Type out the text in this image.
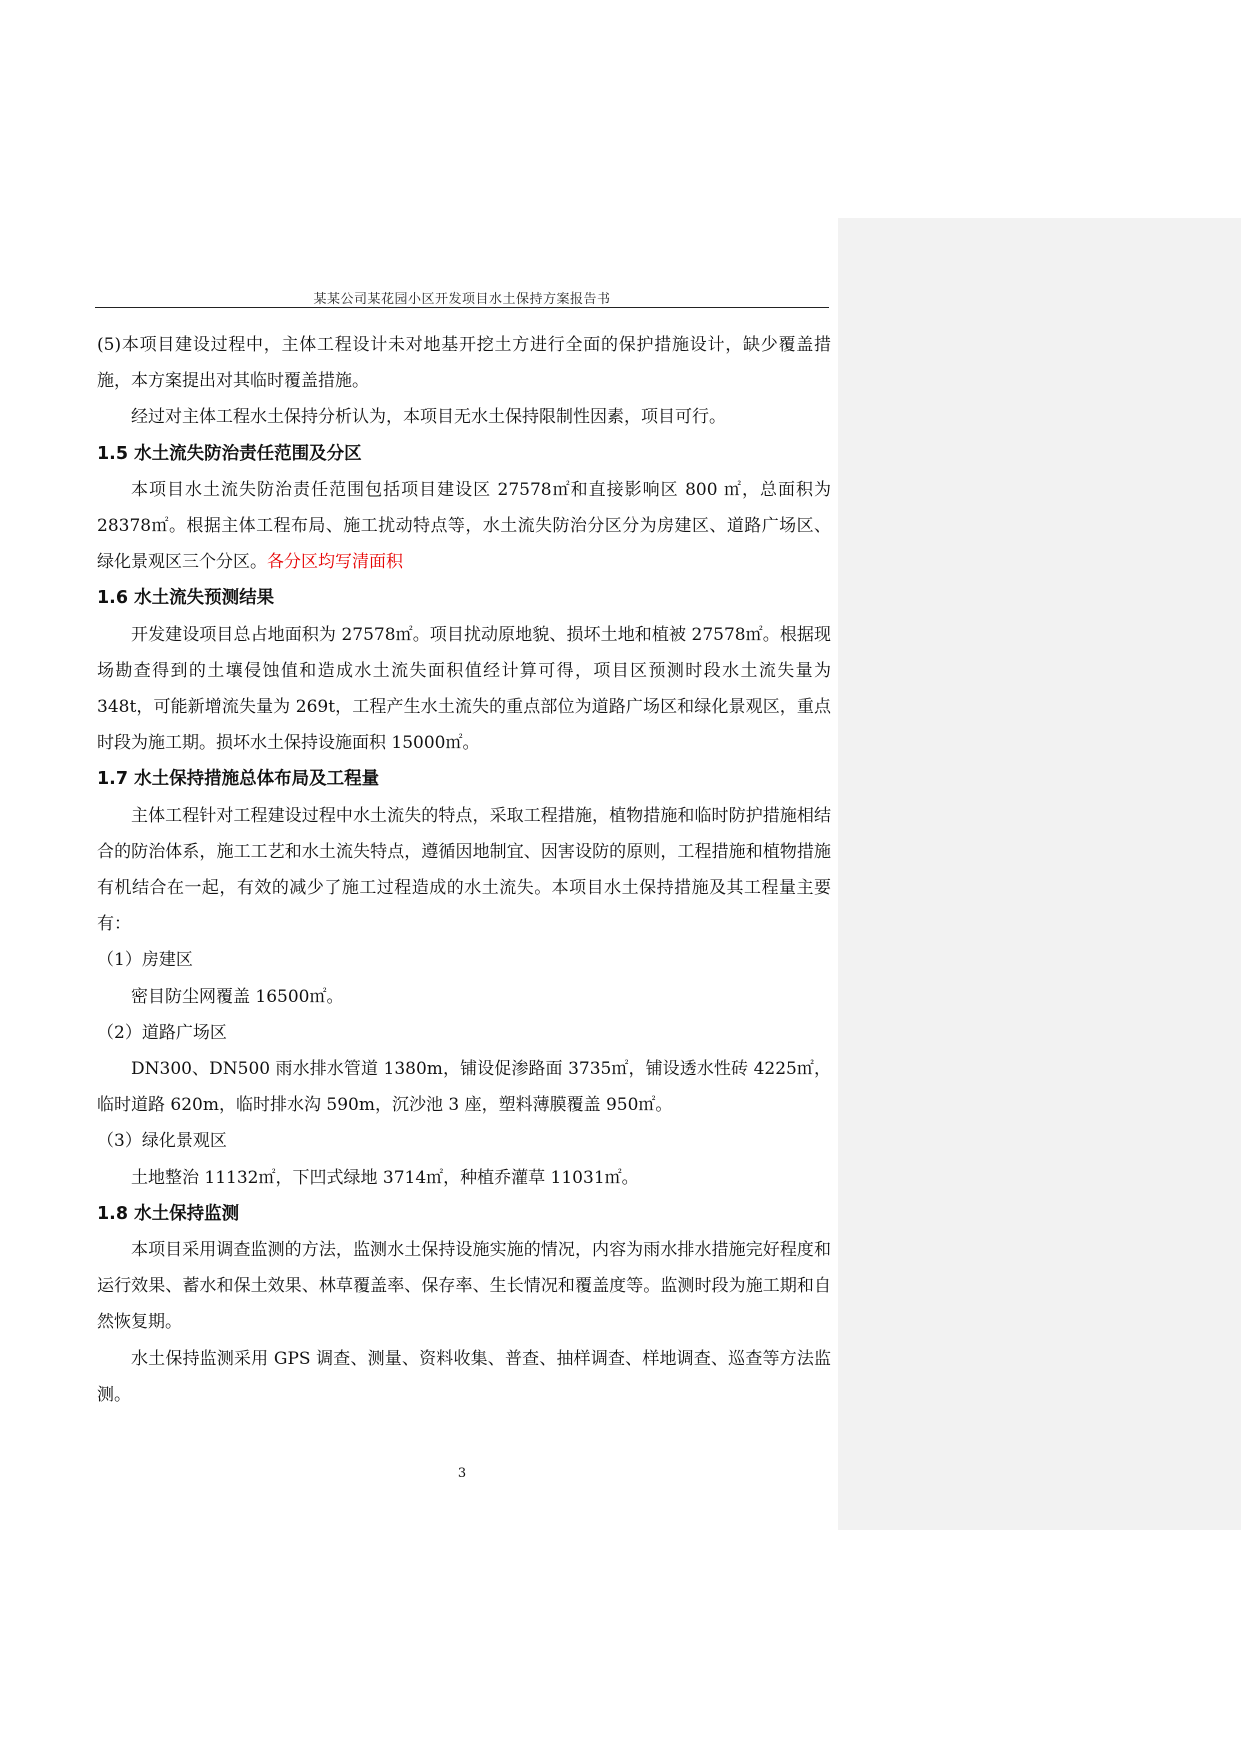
某某公司某花园小区开发项目水土保持方案报告书

(5)本项目建设过程中，主体工程设计未对地基开挖土方进行全面的保护措施设计，缺少覆盖措施，本方案提出对其临时覆盖措施。

经过对主体工程水土保持分析认为，本项目无水土保持限制性因素，项目可行。

1.5 水土流失防治责任范围及分区

本项目水土流失防治责任范围包括项目建设区 27578㎡和直接影响区 800 ㎡，总面积为 28378㎡。根据主体工程布局、施工扰动特点等，水土流失防治分区分为房建区、道路广场区、绿化景观区三个分区。各分区均写清面积

1.6 水土流失预测结果

开发建设项目总占地面积为 27578㎡。项目扰动原地貌、损坏土地和植被 27578㎡。根据现场勘查得到的土壤侵蚀值和造成水土流失面积值经计算可得，项目区预测时段水土流失量为 348t，可能新增流失量为 269t，工程产生水土流失的重点部位为道路广场区和绿化景观区，重点时段为施工期。损坏水土保持设施面积 15000㎡。

1.7 水土保持措施总体布局及工程量

主体工程针对工程建设过程中水土流失的特点，采取工程措施，植物措施和临时防护措施相结合的防治体系，施工工艺和水土流失特点，遵循因地制宜、因害设防的原则，工程措施和植物措施有机结合在一起，有效的减少了施工过程造成的水土流失。本项目水土保持措施及其工程量主要有：

（1）房建区

密目防尘网覆盖 16500㎡。

（2）道路广场区

DN300、DN500 雨水排水管道 1380m，铺设促渗路面 3735㎡，铺设透水性砖 4225㎡，临时道路 620m，临时排水沟 590m，沉沙池 3 座，塑料薄膜覆盖 950㎡。

（3）绿化景观区

土地整治 11132㎡，下凹式绿地 3714㎡，种植乔灌草 11031㎡。

1.8 水土保持监测

本项目采用调查监测的方法，监测水土保持设施实施的情况，内容为雨水排水措施完好程度和运行效果、蓄水和保土效果、林草覆盖率、保存率、生长情况和覆盖度等。监测时段为施工期和自然恢复期。

水土保持监测采用 GPS 调查、测量、资料收集、普查、抽样调查、样地调查、巡查等方法监测。

3
